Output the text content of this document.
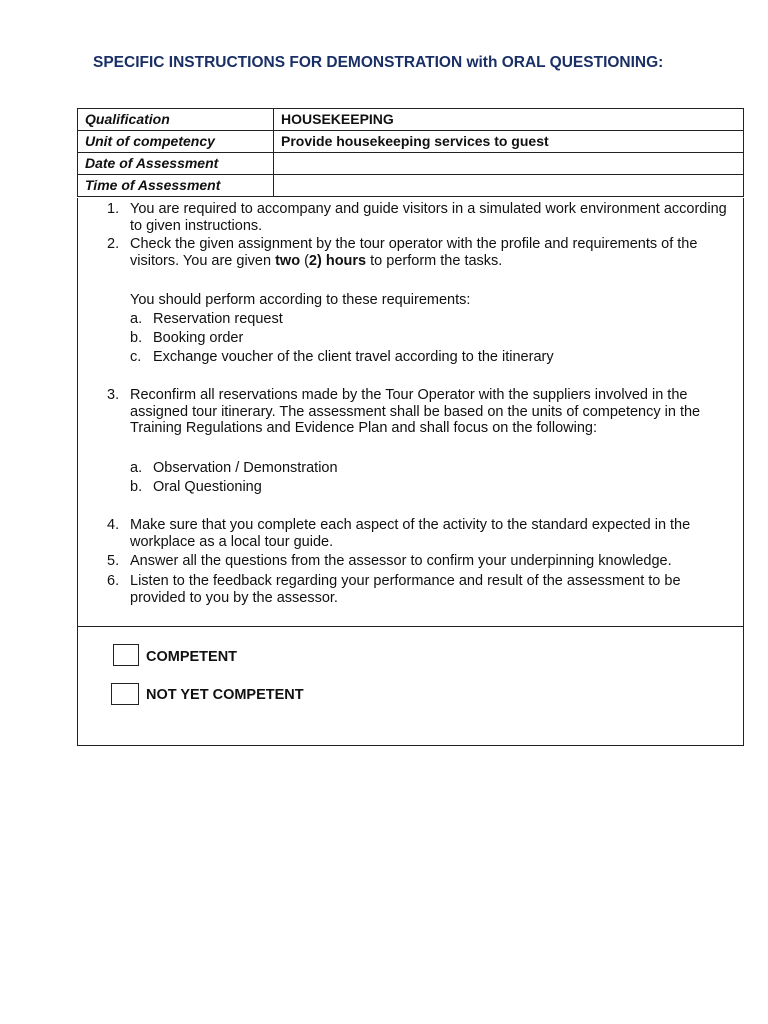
SPECIFIC INSTRUCTIONS FOR DEMONSTRATION with ORAL QUESTIONING:
Qualification	HOUSEKEEPING
Unit of competency	Provide housekeeping services to guest
Date of Assessment	
Time of Assessment	
1. You are required to accompany and guide visitors in a simulated work environment according to given instructions.
2. Check the given assignment by the tour operator with the profile and requirements of the visitors. You are given two (2) hours to perform the tasks.
You should perform according to these requirements:
a. Reservation request
b. Booking order
c. Exchange voucher of the client travel according to the itinerary
3. Reconfirm all reservations made by the Tour Operator with the suppliers involved in the assigned tour itinerary. The assessment shall be based on the units of competency in the Training Regulations and Evidence Plan and shall focus on the following:
a. Observation / Demonstration
b. Oral Questioning
4. Make sure that you complete each aspect of the activity to the standard expected in the workplace as a local tour guide.
5. Answer all the questions from the assessor to confirm your underpinning knowledge.
6. Listen to the feedback regarding your performance and result of the assessment to be provided to you by the assessor.
COMPETENT
NOT YET COMPETENT
